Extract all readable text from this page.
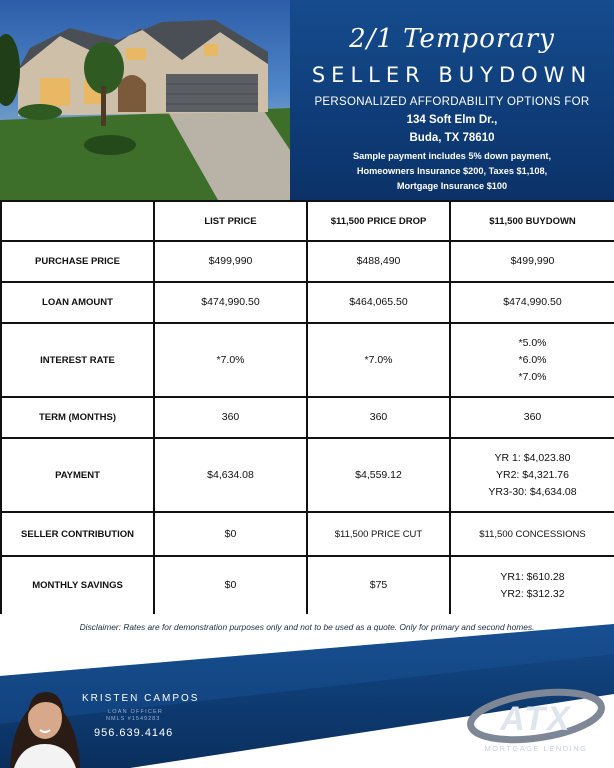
2/1 Temporary
SELLER BUYDOWN
PERSONALIZED AFFORDABILITY OPTIONS FOR
134 Soft Elm Dr.,
Buda, TX 78610
Sample payment includes 5% down payment,
Homeowners Insurance $200, Taxes $1,108,
Mortgage Insurance $100
	LIST PRICE	$11,500 PRICE DROP	$11,500 BUYDOWN
PURCHASE PRICE	$499,990	$488,490	$499,990
LOAN AMOUNT	$474,990.50	$464,065.50	$474,990.50
INTEREST RATE	*7.0%	*7.0%	*5.0%
*6.0%
*7.0%

TERM (MONTHS)	360	360	360
PAYMENT	$4,634.08	$4,559.12	YR 1: $4,023.80
YR2: $4,321.76
YR3-30: $4,634.08

SELLER CONTRIBUTION	$0	$11,500 PRICE CUT	$11,500 CONCESSIONS
MONTHLY SAVINGS	$0	$75	YR1: $610.28
YR2: $312.32
Disclaimer: Rates are for demonstration purposes only and not to be used as a quote. Only for primary and second homes.
KRISTEN CAMPOS
LOAN OFFICER
NMLS #1549283
956.639.4146	ATX
MORTGAGE LENDING
